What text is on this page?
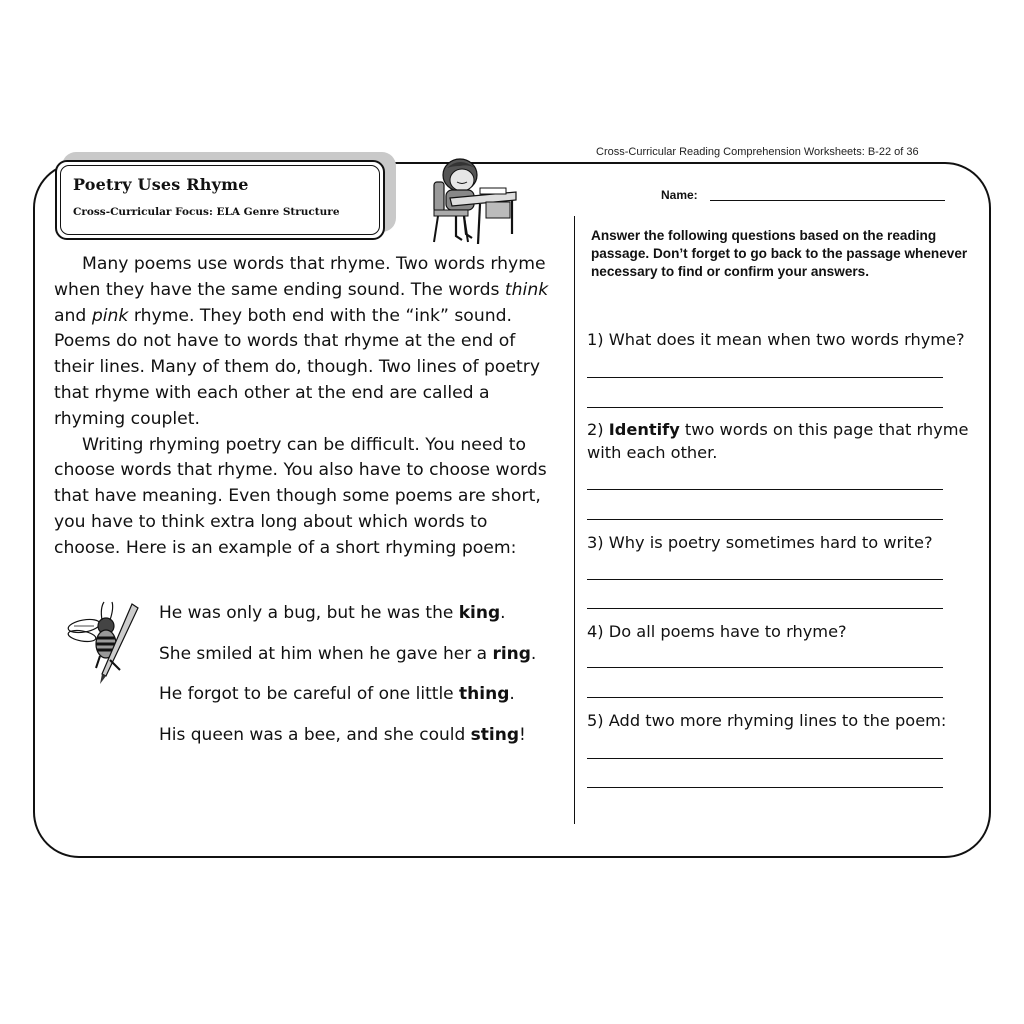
Cross-Curricular Reading Comprehension Worksheets: B-22 of 36
Poetry Uses Rhyme
Cross-Curricular Focus: ELA Genre Structure

Many poems use words that rhyme. Two words rhyme when they have the same ending sound. The words think and pink rhyme. They both end with the “ink” sound. Poems do not have to words that rhyme at the end of their lines. Many of them do, though. Two lines of poetry that rhyme with each other at the end are called a rhyming couplet.

Writing rhyming poetry can be difficult. You need to choose words that rhyme. You also have to choose words that have meaning. Even though some poems are short, you have to think extra long about which words to choose. Here is an example of a short rhyming poem:

He was only a bug, but he was the king.
She smiled at him when he gave her a ring.
He forgot to be careful of one little thing.
His queen was a bee, and she could sting!
Name:
Answer the following questions based on the reading passage. Don’t forget to go back to the passage whenever necessary to find or confirm your answers.
1) What does it mean when two words rhyme?
2) Identify two words on this page that rhyme with each other.
3) Why is poetry sometimes hard to write?
4) Do all poems have to rhyme?
5) Add two more rhyming lines to the poem:
